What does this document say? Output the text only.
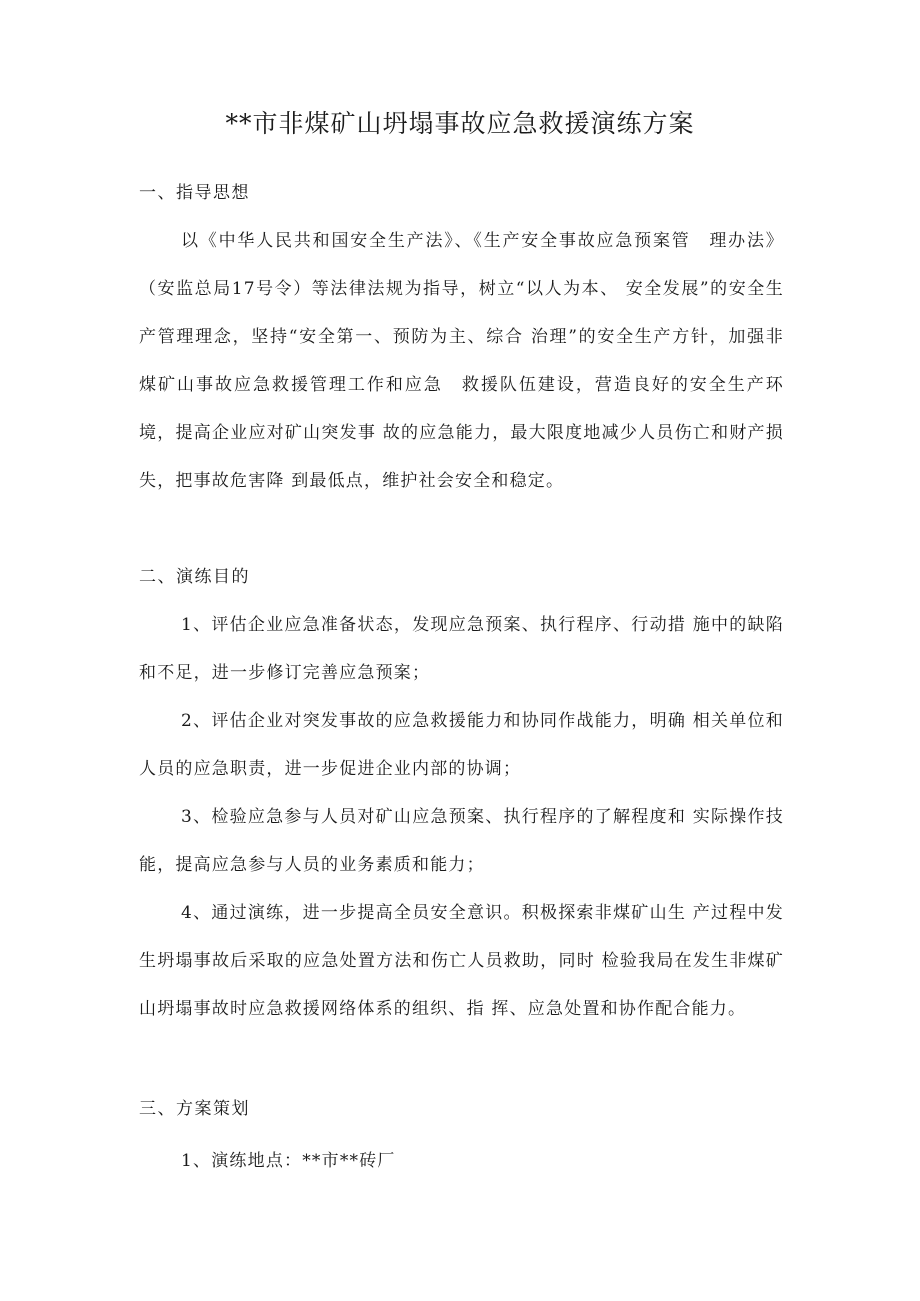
**市非煤矿山坍塌事故应急救援演练方案
一、指导思想

以《中华人民共和国安全生产法》、《生产安全事故应急预案管　理办法》（安监总局17号令）等法律法规为指导，树立“以人为本、 安全发展”的安全生产管理理念，坚持“安全第一、预防为主、综合 治理”的安全生产方针，加强非煤矿山事故应急救援管理工作和应急　救援队伍建设，营造良好的安全生产环境，提高企业应对矿山突发事 故的应急能力，最大限度地减少人员伤亡和财产损失，把事故危害降 到最低点，维护社会安全和稳定。

二、演练目的

1、评估企业应急准备状态，发现应急预案、执行程序、行动措 施中的缺陷和不足，进一步修订完善应急预案；

2、评估企业对突发事故的应急救援能力和协同作战能力，明确 相关单位和人员的应急职责，进一步促进企业内部的协调；

3、检验应急参与人员对矿山应急预案、执行程序的了解程度和 实际操作技能，提高应急参与人员的业务素质和能力；

4、通过演练，进一步提高全员安全意识。积极探索非煤矿山生 产过程中发生坍塌事故后采取的应急处置方法和伤亡人员救助，同时 检验我局在发生非煤矿山坍塌事故时应急救援网络体系的组织、指 挥、应急处置和协作配合能力。

三、方案策划
1、演练地点：**市**砖厂
